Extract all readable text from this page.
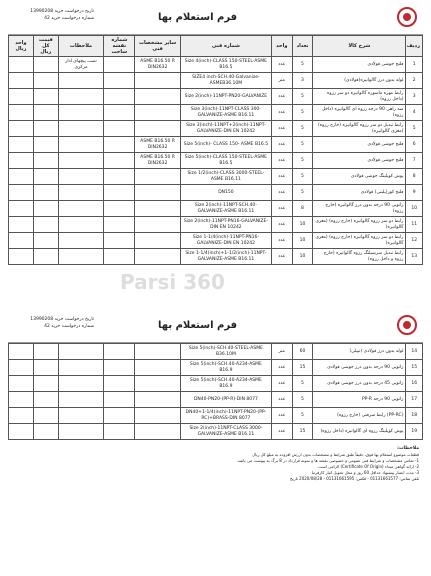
تاریخ درخواست خرید 13990208
شماره درخواست خرید 42	فرم استعلام بها
ردیف	شرح کالا	تعداد	واحد	شماره فنی	سایر مشخصات فنی	شماره نقشه ساخت	ملاحظات	قیمت کل ریال	واحد ریال
1	فلنج جوشی فولادی	5	عدد	Size 4(inch)-CLASS 150-STEEL-ASME B16.5	ASME B16.50 R DIN2632		نصب پیچهای ادار مرکزی		
2	لوله بدون درز گالوانیزه(فولادی)	3	متر	SIZE4 inch-SCH.40-Galvanize-ASMEB36.10M					
3	رابط مهره ماسوره گالوانیزه دو سر رزوه (داخل رزوه)	5	عدد	Size 2(inch)-11NPT-PN20-GALVANIZE					
4	سه راهی 90 درجه رزوه ای گالوانیزه (داخل رزوه)	5	عدد	Size 3(inch)-11NPT-CLASS 300-GALVANIZE-ASME B16.11					
5	رابط تبدیل دو سر رزوه گالوانیزه (خارج رزوه) (مغزی گالوانیزه)	5	عدد	Size 3(inch)-11NPT+2(inch)-11NPT-GALVANIZE-DIN EN 10242					
6	فلنج جوشی فولادی	5	عدد	Size 5(inch)- CLASS 150- ASME B16.5	ASME B16.50 R DIN2632				
7	فلنج جوشی فولادی	5	عدد	Size 5(inch)-CLASS 150-STEEL-ASME B16.5	ASME B16.50 R DIN2632				
8	پوش کوپلینگ جوشی فولادی	5	عدد	Size 1/2(inch)-CLASS 3000-STEEL-ASME B16.11					
9	فلنج کور(پلیتی) فولادی	5	عدد	DN150					
10	زانویی 90 درجه بدون درز گالوانیزه (خارج رزوه)	8	عدد	Size 2(inch)-11NPT-SCH.40-GALVANIZE-ASME B16.11					
11	رابط دو سر رزوه گالوانیزه (خارج رزوه) (مغزی گالوانیزه)	10	عدد	Size 2(inch)-11NPT-PN16-GALVANIZE-DIN EN 10242					
12	رابط دو سر رزوه گالوانیزه (خارج رزوه) (مغزی گالوانیزه)	10	عدد	Size 1-1/4(inch)-11NPT-PN16-GALVANIZE-DIN EN 10242					
13	رابط تبدیل سرشیلنگ رزوه گالوانیزه (خارج رزوه و داخل رزوه)	10	عدد	Size 1-1/4(inch)+1-1/2(inch)-11NPT-GALVANIZE-ASME B16.11					
Parsi 360
تاریخ درخواست خرید 13990208
شماره درخواست خرید 42	فرم استعلام بها
14	لوله بدون درز فولادی (نیپلی)	60	متر	Size 5(inch)-SCH.40-STEEL-ASME B36.10M					
15	زانویی 90 درجه بدون درز جوشی فولادی	15	عدد	Size 5(inch)-SCH.40-A234-ASME B16.9					
16	زانویی 45 درجه بدون درز جوشی فولادی	5	عدد	Size 5(inch)-SCH.40-A234-ASME B16.9					
17	زانویی 90 درجه PP-R	5	عدد	DN40-PN20-(PP-R)-DIN 8077					
18	(PP-RC) رابط سرفتی (خارج رزوه)	5	عدد	DN40+1-1/4(inch)-11NPT-PN20-(PP-RC)+BRASS-DIN 8077					
19	پوش کوپلینگ رزوه ای گالوانیزه (داخل رزوه)	15	عدد	Size 2(inch)-11NPT-CLASS 3000-GALVANIZE-ASME B16.11					
ملاحظات:
قطعات موضوع استعلام بها فوق، دقیقاً طبق شرایط و مشخصات بدون ارزش افزوده به مبلغ کل ریال
1- تمامی مشخصات و شرایط فنی عمومی و خصوصی نقشه ها و نمونه قرارداد در 8 برگ به پیوست می باشد.
2- ارائه گواهی مبداء (Certificate Of Origin) الزامی است.
3- مدت اعتبار پیشنهاد حداقل 60 روز و محل تحویل انبار کارفرما
تلفن تماس: 01131661577 - فکس: 01131661595 - 2020/08/28 تاریخ
